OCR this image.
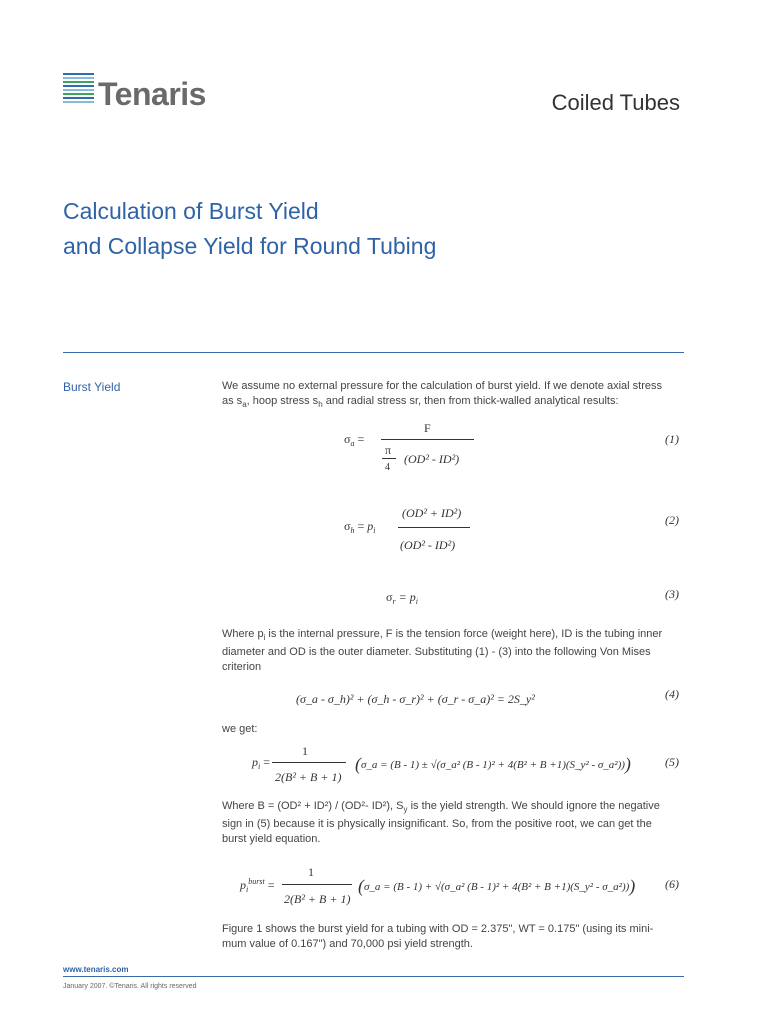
Tenaris	Coiled Tubes
Calculation of Burst Yield
and Collapse Yield for Round Tubing
Burst Yield	We assume no external pressure for the calculation of burst yield. If we denote axial stress
as $s_a$, hoop stress $s_h$ and radial stress sr, then from thick-walled analytical results:
$\sigma_a$ =
F
π
4
(OD² - ID²)
(1)
$\sigma_h = p_i$
(OD² + ID²)
(OD² - ID²)
(2)
$\sigma_r = p_i$
(3)
Where $p_i$ is the internal pressure, F is the tension force (weight here), ID is the tubing inner
diameter and OD is the outer diameter. Substituting (1) - (3) into the following Von Mises
criterion
(σ_a - σ_h)² + (σ_h - σ_r)² + (σ_r - σ_a)² = 2S_y²	(4)
we get:
$p_i$ =
1
2(B² + B + 1)
(σ_a = (B - 1) ± √(σ_a² (B - 1)² + 4(B² + B +1)(S_y² - σ_a²)))	(5)
Where B = (OD² + ID²) / (OD²- ID²), $S_y$ is the yield strength. We should ignore the negative
sign in (5) because it is physically insignificant. So, from the positive root, we can get the
burst yield equation.
$p_i^{burst}$ =
1
2(B² + B + 1)
(σ_a = (B - 1) + √(σ_a² (B - 1)² + 4(B² + B +1)(S_y² - σ_a²))) (6)
Figure 1 shows the burst yield for a tubing with OD = 2.375", WT = 0.175" (using its mini-
mum value of 0.167") and 70,000 psi yield strength.
www.tenaris.com
January 2007. ©Tenaris. All rights reserved
